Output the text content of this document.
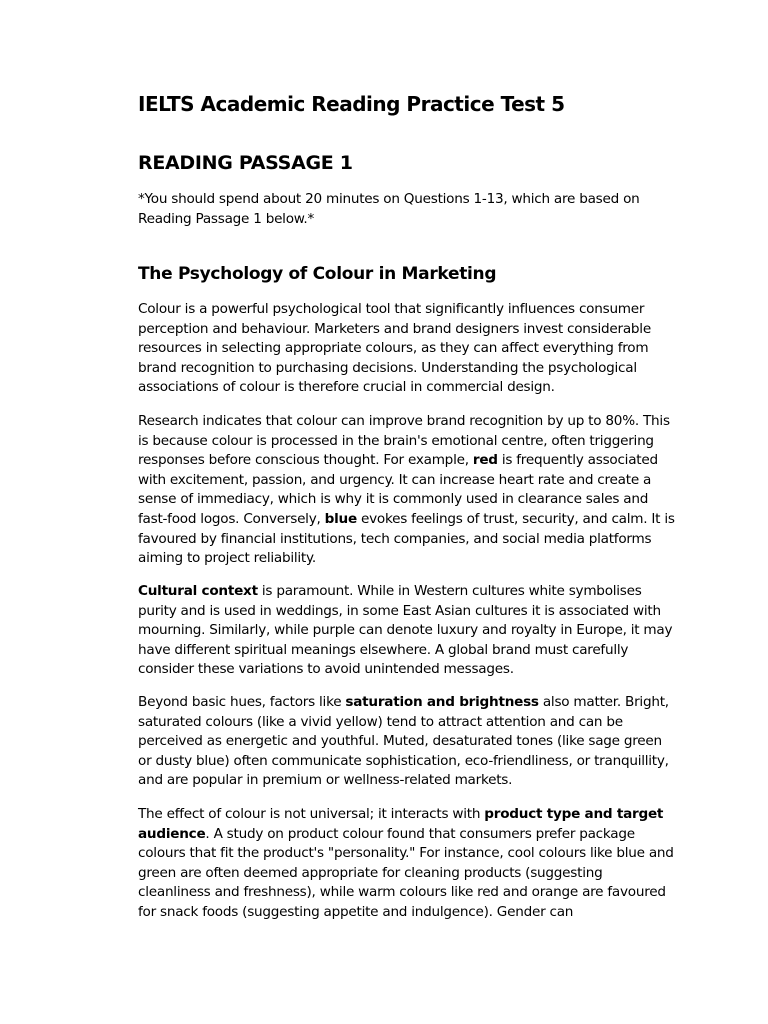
IELTS Academic Reading Practice Test 5
READING PASSAGE 1

*You should spend about 20 minutes on Questions 1-13, which are based on Reading Passage 1 below.*

The Psychology of Colour in Marketing

Colour is a powerful psychological tool that significantly influences consumer perception and behaviour. Marketers and brand designers invest considerable resources in selecting appropriate colours, as they can affect everything from brand recognition to purchasing decisions. Understanding the psychological associations of colour is therefore crucial in commercial design.

Research indicates that colour can improve brand recognition by up to 80%. This is because colour is processed in the brain's emotional centre, often triggering responses before conscious thought. For example, red is frequently associated with excitement, passion, and urgency. It can increase heart rate and create a sense of immediacy, which is why it is commonly used in clearance sales and fast-food logos. Conversely, blue evokes feelings of trust, security, and calm. It is favoured by financial institutions, tech companies, and social media platforms aiming to project reliability.

Cultural context is paramount. While in Western cultures white symbolises purity and is used in weddings, in some East Asian cultures it is associated with mourning. Similarly, while purple can denote luxury and royalty in Europe, it may have different spiritual meanings elsewhere. A global brand must carefully consider these variations to avoid unintended messages.

Beyond basic hues, factors like saturation and brightness also matter. Bright, saturated colours (like a vivid yellow) tend to attract attention and can be perceived as energetic and youthful. Muted, desaturated tones (like sage green or dusty blue) often communicate sophistication, eco-friendliness, or tranquillity, and are popular in premium or wellness-related markets.

The effect of colour is not universal; it interacts with product type and target audience. A study on product colour found that consumers prefer package colours that fit the product's "personality." For instance, cool colours like blue and green are often deemed appropriate for cleaning products (suggesting cleanliness and freshness), while warm colours like red and orange are favoured for snack foods (suggesting appetite and indulgence). Gender can
